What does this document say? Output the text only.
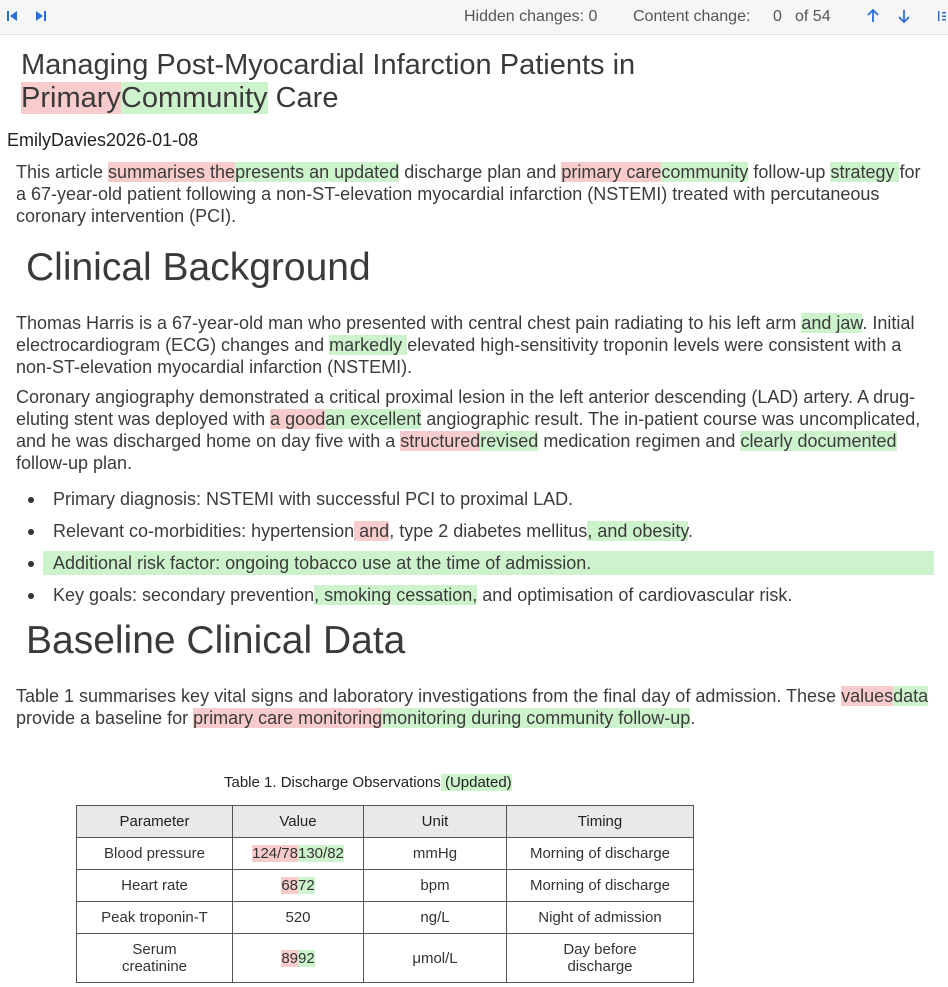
Hidden changes: 0 Content change: 0 of 54
Managing Post-Myocardial Infarction Patients in
PrimaryCommunity Care
EmilyDavies2026-01-08

This article summarises thepresents an updated discharge plan and primary carecommunity follow-up strategy for a 67-year-old patient following a non-ST-elevation myocardial infarction (NSTEMI) treated with percutaneous coronary intervention (PCI).

Clinical Background

Thomas Harris is a 67-year-old man who presented with central chest pain radiating to his left arm and jaw. Initial electrocardiogram (ECG) changes and markedly elevated high-sensitivity troponin levels were consistent with a non-ST-elevation myocardial infarction (NSTEMI).

Coronary angiography demonstrated a critical proximal lesion in the left anterior descending (LAD) artery. A drug-eluting stent was deployed with a goodan excellent angiographic result. The in-patient course was uncomplicated, and he was discharged home on day five with a structuredrevised medication regimen and clearly documented follow-up plan.

Primary diagnosis: NSTEMI with successful PCI to proximal LAD.
Relevant co-morbidities: hypertension and, type 2 diabetes mellitus, and obesity.
Additional risk factor: ongoing tobacco use at the time of admission.
Key goals: secondary prevention, smoking cessation, and optimisation of cardiovascular risk.
Baseline Clinical Data

Table 1 summarises key vital signs and laboratory investigations from the final day of admission. These valuesdata provide a baseline for primary care monitoringmonitoring during community follow-up.

Table 1. Discharge Observations (Updated)
Parameter	Value	Unit	Timing
Blood pressure	124/78130/82	mmHg	Morning of discharge
Heart rate	6872	bpm	Morning of discharge
Peak troponin-T	520	ng/L	Night of admission
Serum
creatinine	8992	μmol/L	Day before
discharge
